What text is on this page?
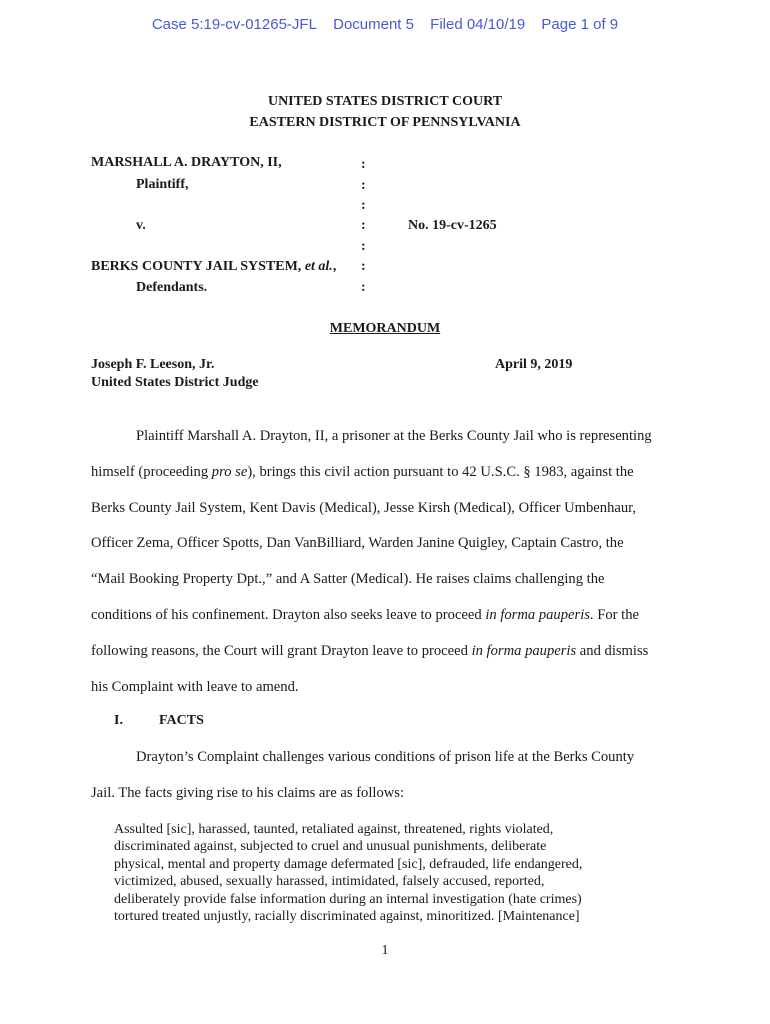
Case 5:19-cv-01265-JFL Document 5 Filed 04/10/19 Page 1 of 9
UNITED STATES DISTRICT COURT
EASTERN DISTRICT OF PENNSYLVANIA
MARSHALL A. DRAYTON, II,
Plaintiff,
v.	No. 19-cv-1265
BERKS COUNTY JAIL SYSTEM, et al.,
Defendants.
:
:
:
:
:
:
:
MEMORANDUM
Joseph F. Leeson, Jr.
United States District Judge
April 9, 2019
Plaintiff Marshall A. Drayton, II, a prisoner at the Berks County Jail who is representing
himself (proceeding pro se), brings this civil action pursuant to 42 U.S.C. § 1983, against the
Berks County Jail System, Kent Davis (Medical), Jesse Kirsh (Medical), Officer Umbenhaur,
Officer Zema, Officer Spotts, Dan VanBilliard, Warden Janine Quigley, Captain Castro, the
“Mail Booking Property Dpt.,” and A Satter (Medical). He raises claims challenging the
conditions of his confinement. Drayton also seeks leave to proceed in forma pauperis. For the
following reasons, the Court will grant Drayton leave to proceed in forma pauperis and dismiss
his Complaint with leave to amend.
I.	FACTS
Drayton’s Complaint challenges various conditions of prison life at the Berks County
Jail. The facts giving rise to his claims are as follows:
Assulted [sic], harassed, taunted, retaliated against, threatened, rights violated,
discriminated against, subjected to cruel and unusual punishments, deliberate
physical, mental and property damage defermated [sic], defrauded, life endangered,
victimized, abused, sexually harassed, intimidated, falsely accused, reported,
deliberately provide false information during an internal investigation (hate crimes)
tortured treated unjustly, racially discriminated against, minoritized. [Maintenance]
1
